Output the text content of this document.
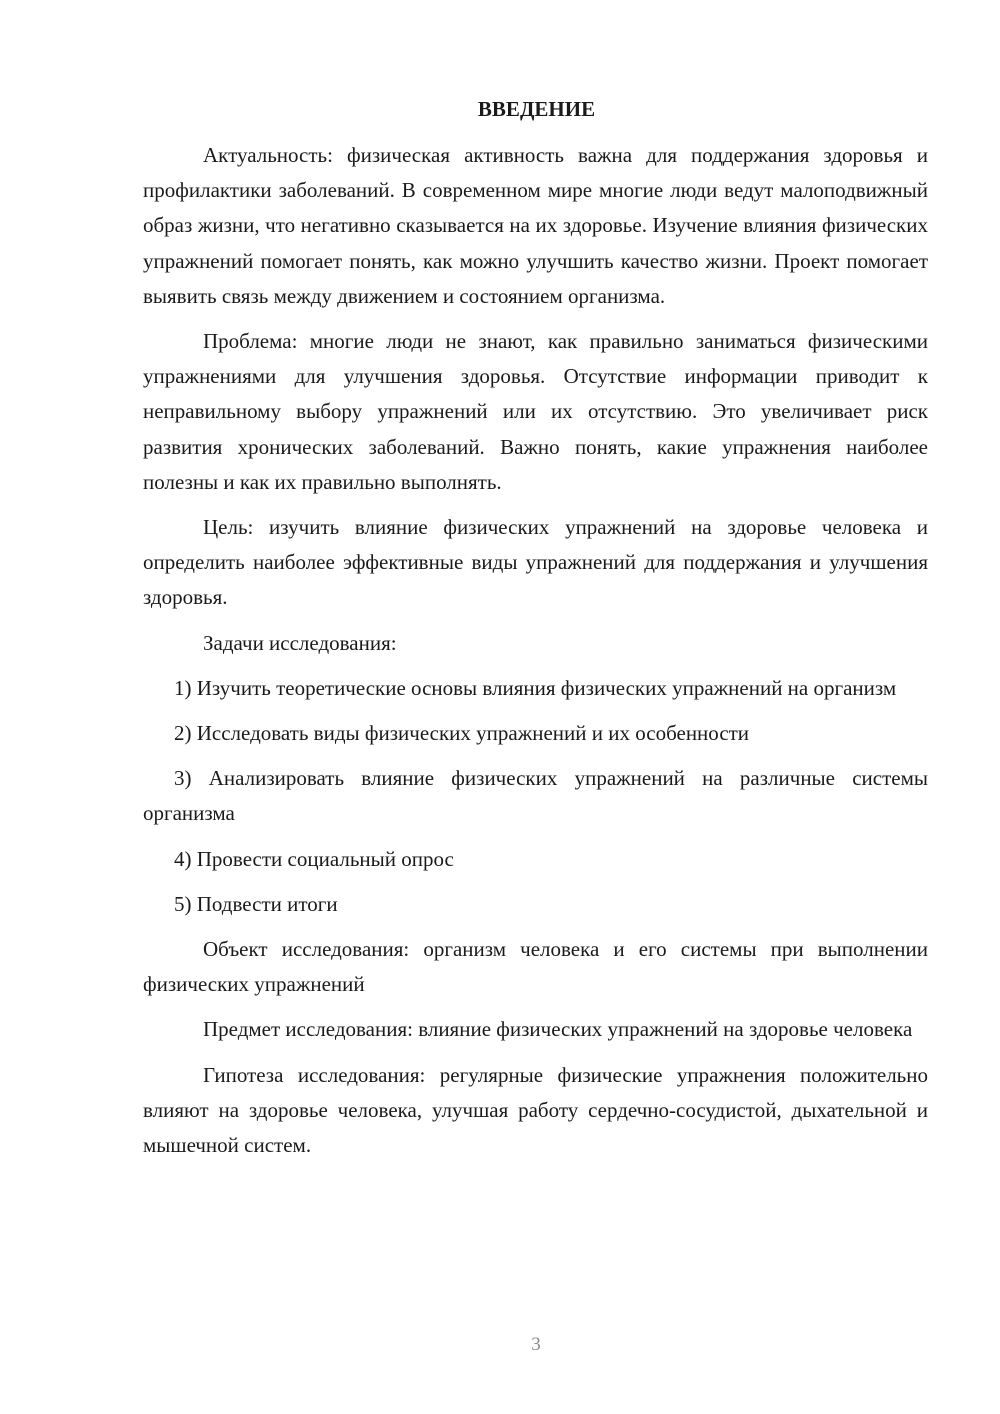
ВВЕДЕНИЕ

Актуальность: физическая активность важна для поддержания здоровья и профилактики заболеваний. В современном мире многие люди ведут малоподвижный образ жизни, что негативно сказывается на их здоровье. Изучение влияния физических упражнений помогает понять, как можно улучшить качество жизни. Проект помогает выявить связь между движением и состоянием организма.

Проблема: многие люди не знают, как правильно заниматься физическими упражнениями для улучшения здоровья. Отсутствие информации приводит к неправильному выбору упражнений или их отсутствию. Это увеличивает риск развития хронических заболеваний. Важно понять, какие упражнения наиболее полезны и как их правильно выполнять.

Цель: изучить влияние физических упражнений на здоровье человека и определить наиболее эффективные виды упражнений для поддержания и улучшения здоровья.

Задачи исследования:

1) Изучить теоретические основы влияния физических упражнений на организм

2) Исследовать виды физических упражнений и их особенности

3) Анализировать влияние физических упражнений на различные системы организма

4) Провести социальный опрос

5) Подвести итоги

Объект исследования: организм человека и его системы при выполнении физических упражнений

Предмет исследования: влияние физических упражнений на здоровье человека

Гипотеза исследования: регулярные физические упражнения положительно влияют на здоровье человека, улучшая работу сердечно-сосудистой, дыхательной и мышечной систем.

3
